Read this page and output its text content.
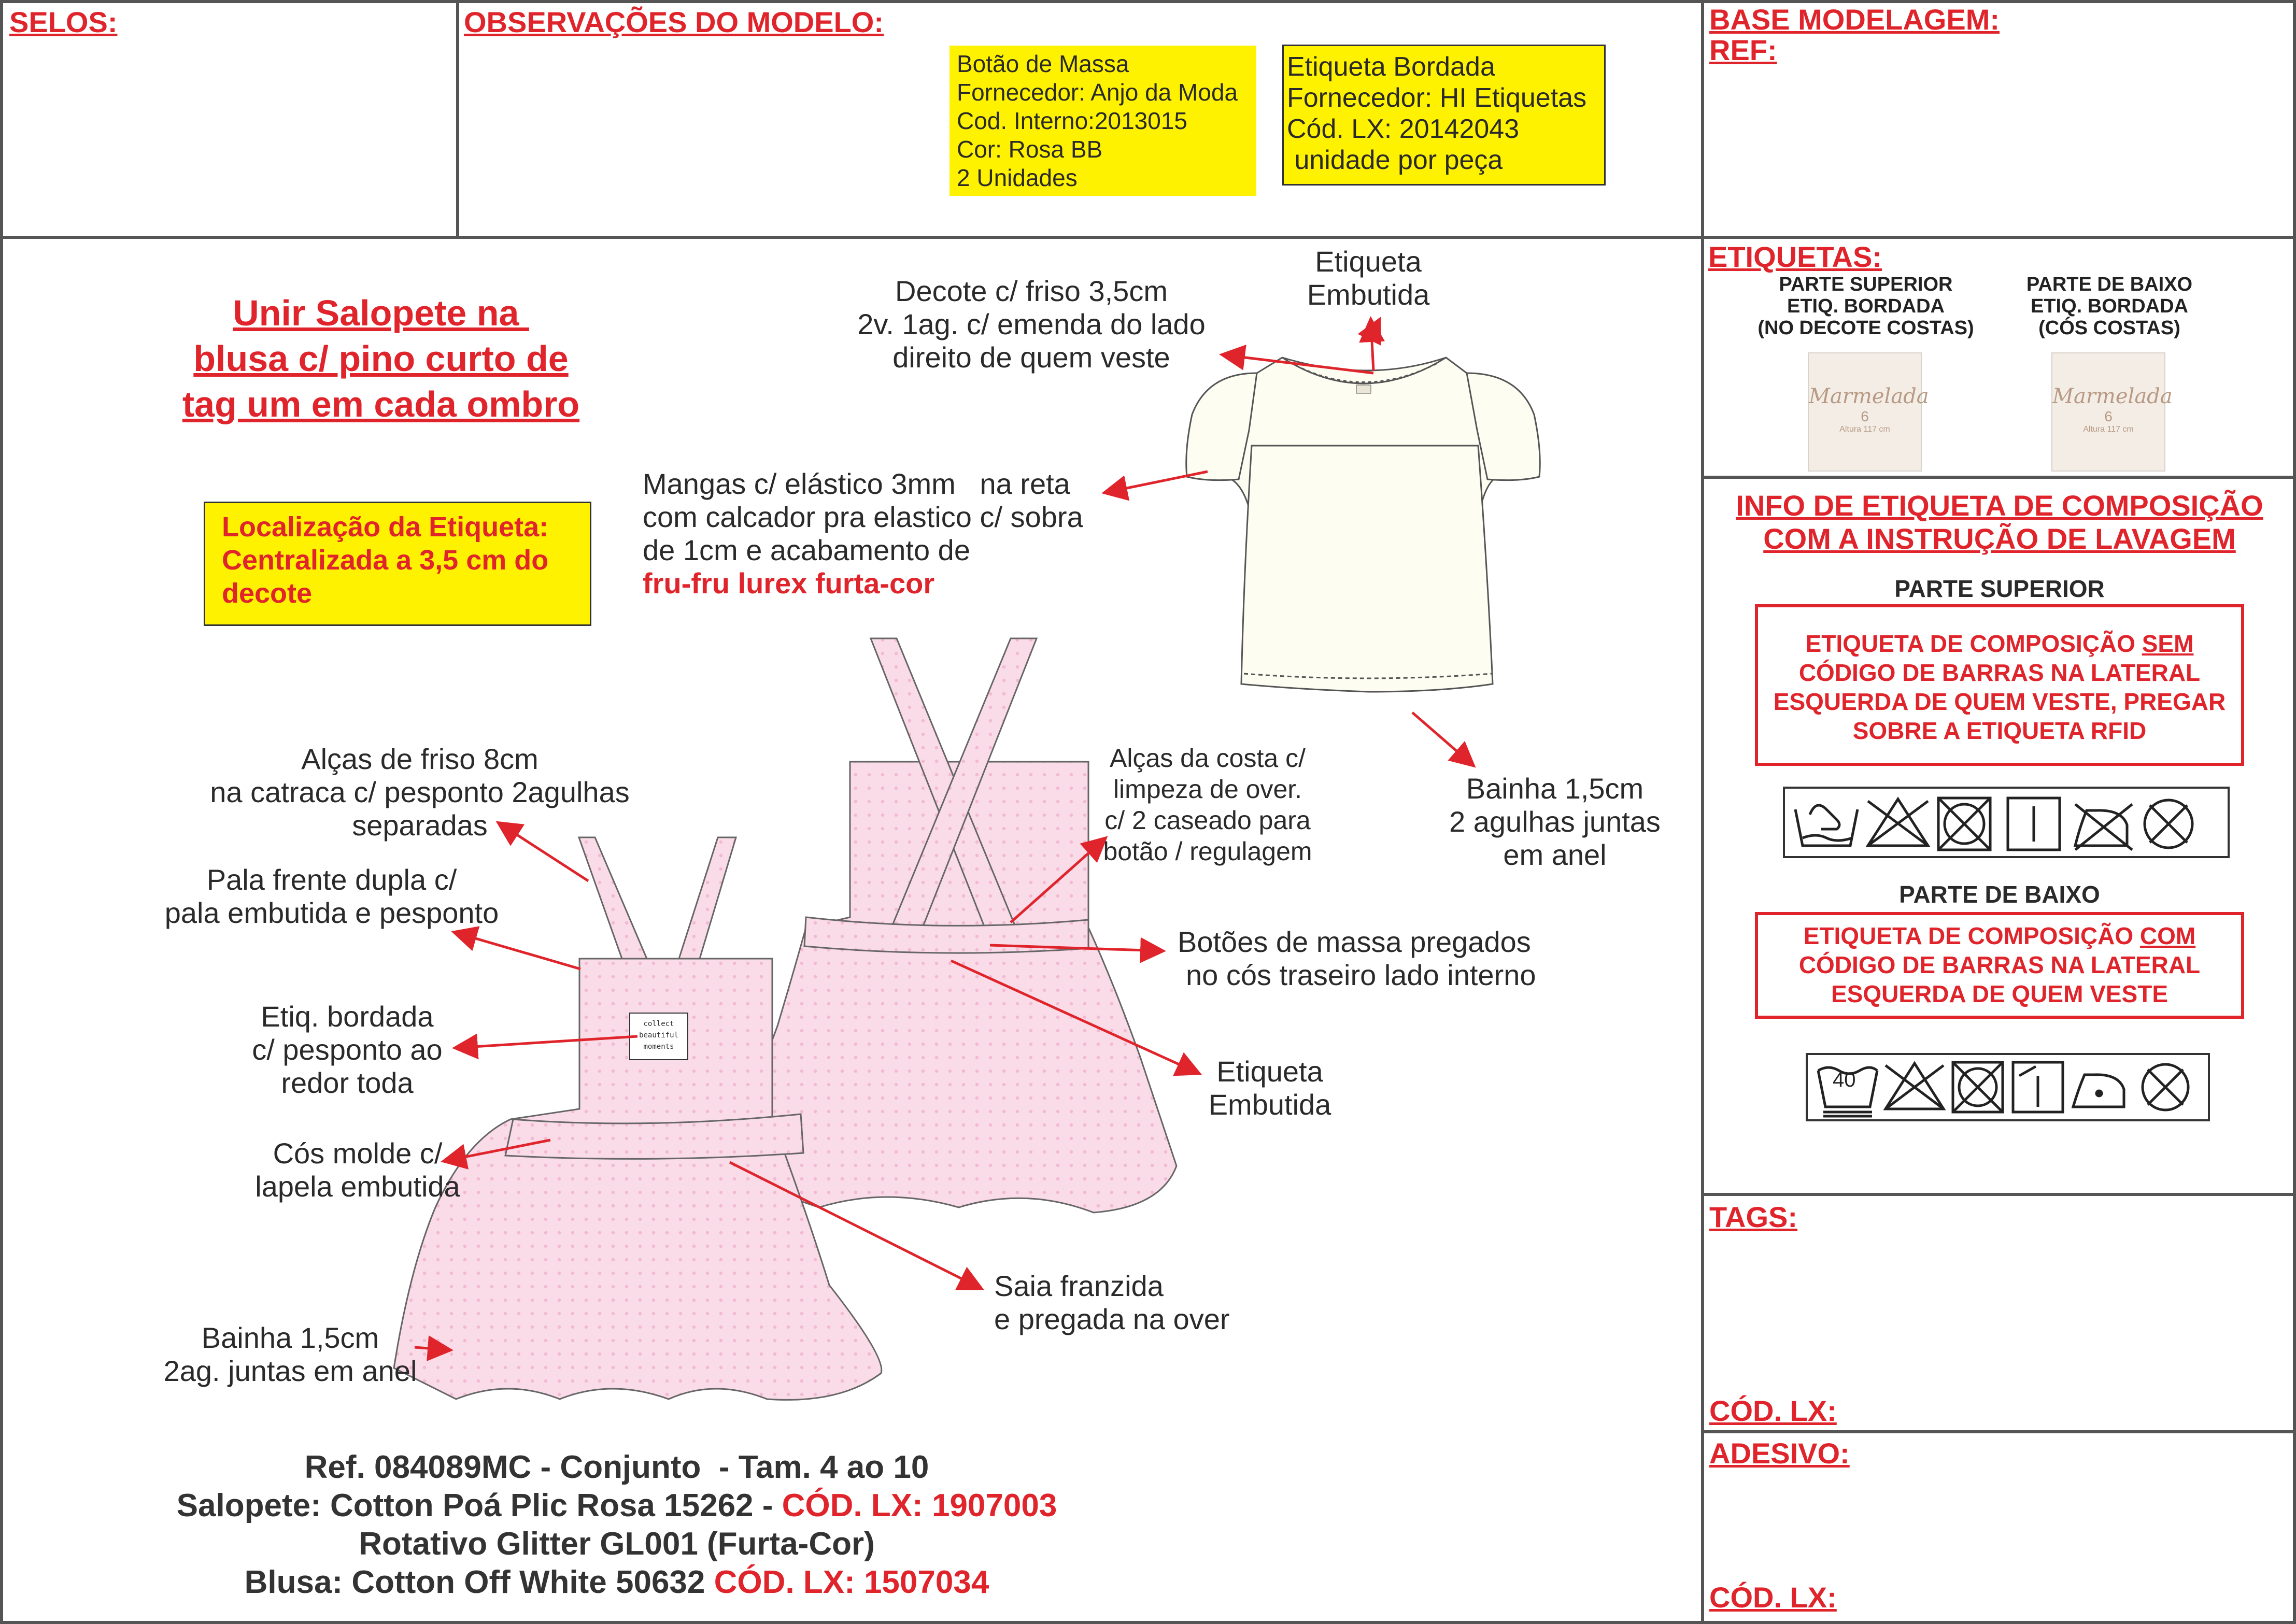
SELOS:	OBSERVAÇÕES DO MODELO:	BASE MODELAGEM:
REF:
Botão de Massa
Fornecedor: Anjo da Moda
Cod. Interno:2013015
Cor: Rosa BB
2 Unidades
Etiqueta Bordada
Fornecedor: HI Etiquetas
Cód. LX: 20142043
unidade por peça
Unir Salopete na
blusa c/ pino curto de
tag um em cada ombro
Localização da Etiqueta:
Centralizada a 3,5 cm do
decote
collect
beautiful
moments
Decote c/ friso 3,5cm
2v. 1ag. c/ emenda do lado
direito de quem veste
Etiqueta
Embutida
Mangas c/ elástico 3mm   na reta
com calcador pra elastico c/ sobra
de 1cm e acabamento de
fru-fru lurex furta-cor
Bainha 1,5cm
2 agulhas juntas
em anel
Alças da costa c/
limpeza de over.
c/ 2 caseado para
botão / regulagem
Alças de friso 8cm
na catraca c/ pesponto 2agulhas
separadas
Pala frente dupla c/
pala embutida e pesponto
Botões de massa pregados
no cós traseiro lado interno
Etiq. bordada
c/ pesponto ao
redor toda	Etiqueta
Embutida
Cós molde c/
lapela embutida
Saia franzida
e pregada na over
Bainha 1,5cm
2ag. juntas em anel
Ref. 084089MC - Conjunto  - Tam. 4 ao 10
Salopete: Cotton Poá Plic Rosa 15262 - CÓD. LX: 1907003
Rotativo Glitter GL001 (Furta-Cor)
Blusa: Cotton Off White 50632 CÓD. LX: 1507034
ETIQUETAS:
PARTE SUPERIOR
ETIQ. BORDADA
(NO DECOTE COSTAS)
PARTE DE BAIXO
ETIQ. BORDADA
(CÓS COSTAS)
Marmelada
6
Altura 117 cm
Marmelada
6
Altura 117 cm
INFO DE ETIQUETA DE COMPOSIÇÃO
COM A INSTRUÇÃO DE LAVAGEM
PARTE SUPERIOR
ETIQUETA DE COMPOSIÇÃO SEM
CÓDIGO DE BARRAS NA LATERAL
ESQUERDA DE QUEM VESTE, PREGAR
SOBRE A ETIQUETA RFID
PARTE DE BAIXO
ETIQUETA DE COMPOSIÇÃO COM
CÓDIGO DE BARRAS NA LATERAL
ESQUERDA DE QUEM VESTE
40
TAGS:
CÓD. LX:
ADESIVO:
CÓD. LX:
